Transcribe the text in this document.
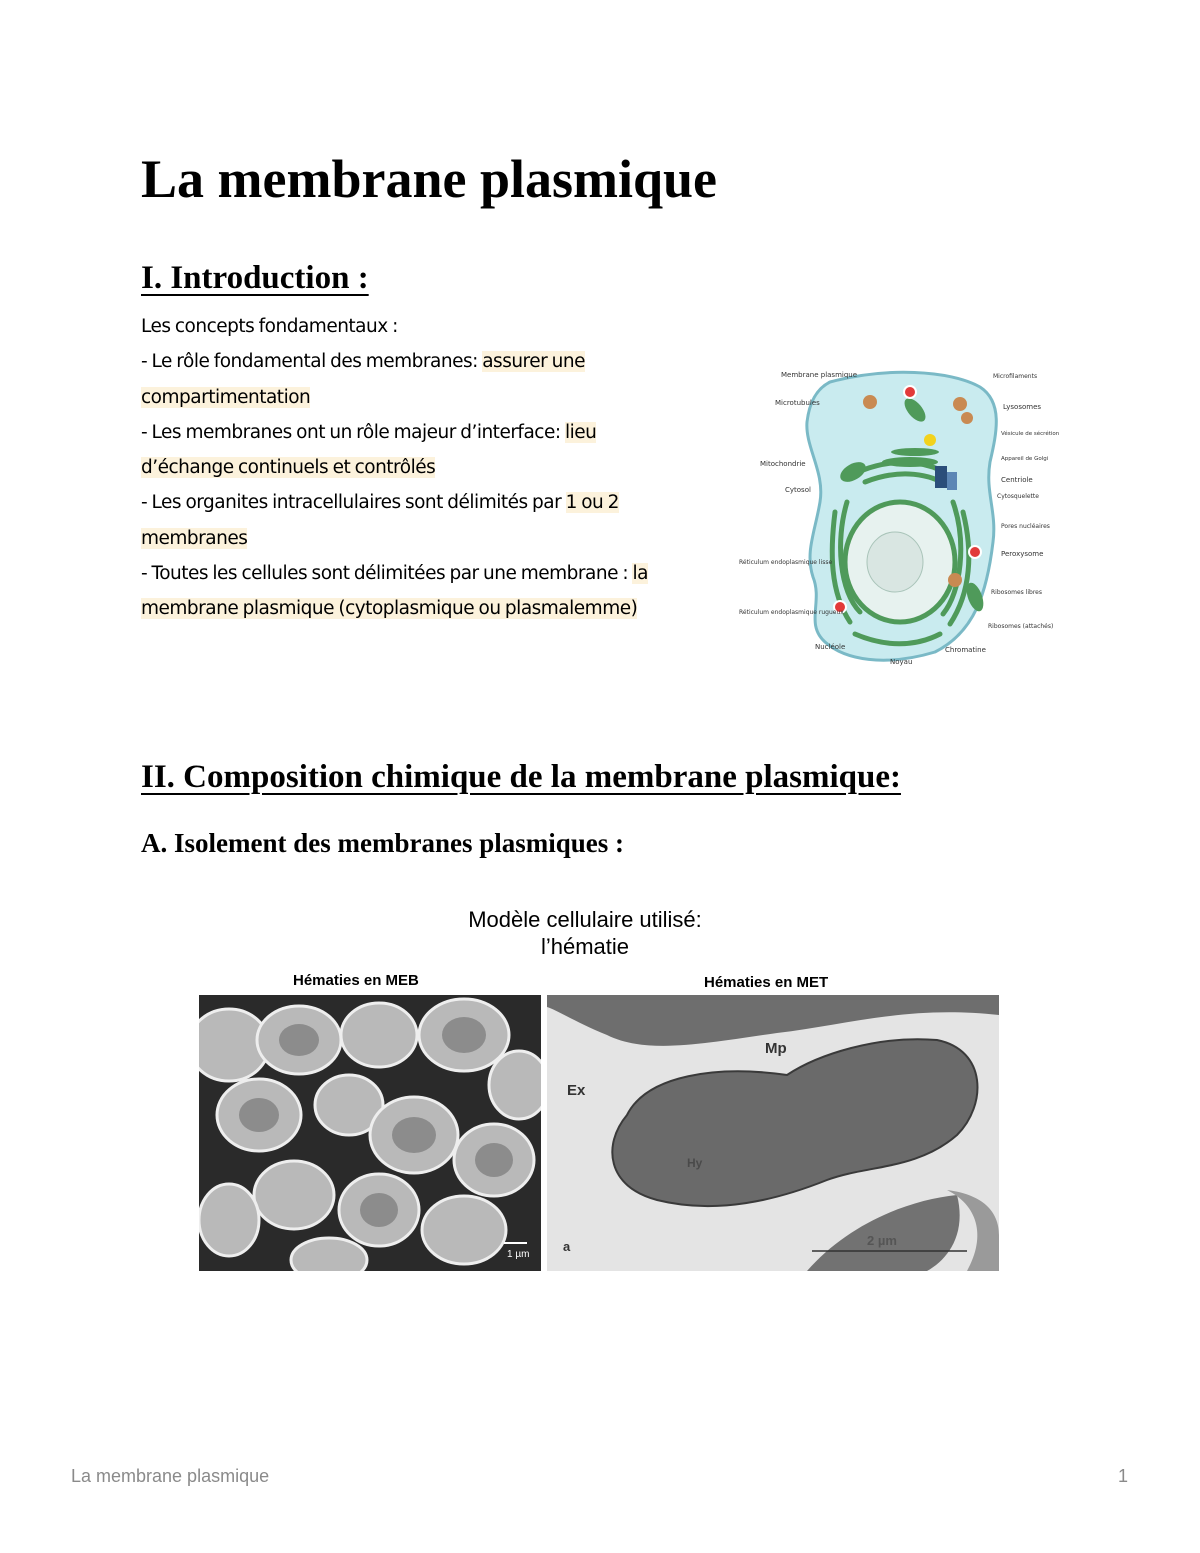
La membrane plasmique
I. Introduction :
Les concepts fondamentaux :
- Le rôle fondamental des membranes: assurer une
compartimentation
- Les membranes ont un rôle majeur d’interface: lieu
d’échange continuels et contrôlés
- Les organites intracellulaires sont délimités par 1 ou 2
membranes
- Toutes les cellules sont délimitées par une membrane : la
membrane plasmique (cytoplasmique ou plasmalemme)
Membrane plasmique
Microtubules
Mitochondrie
Cytosol
Réticulum endoplasmique lisse
Réticulum endoplasmique rugueux
Nucléole
Noyau
Chromatine
Microfilaments
Lysosomes
Vésicule de sécrétion
Appareil de Golgi
Centriole
Cytosquelette
Pores nucléaires
Peroxysome
Ribosomes libres
Ribosomes (attachés)
II. Composition chimique de la membrane plasmique:
A. Isolement des membranes plasmiques :
Modèle cellulaire utilisé:
l’hématie
Hématies en MEB	Hématies en MET
1 µm
Mp
Ex
Hy
a	2 µm
La membrane plasmique	1
